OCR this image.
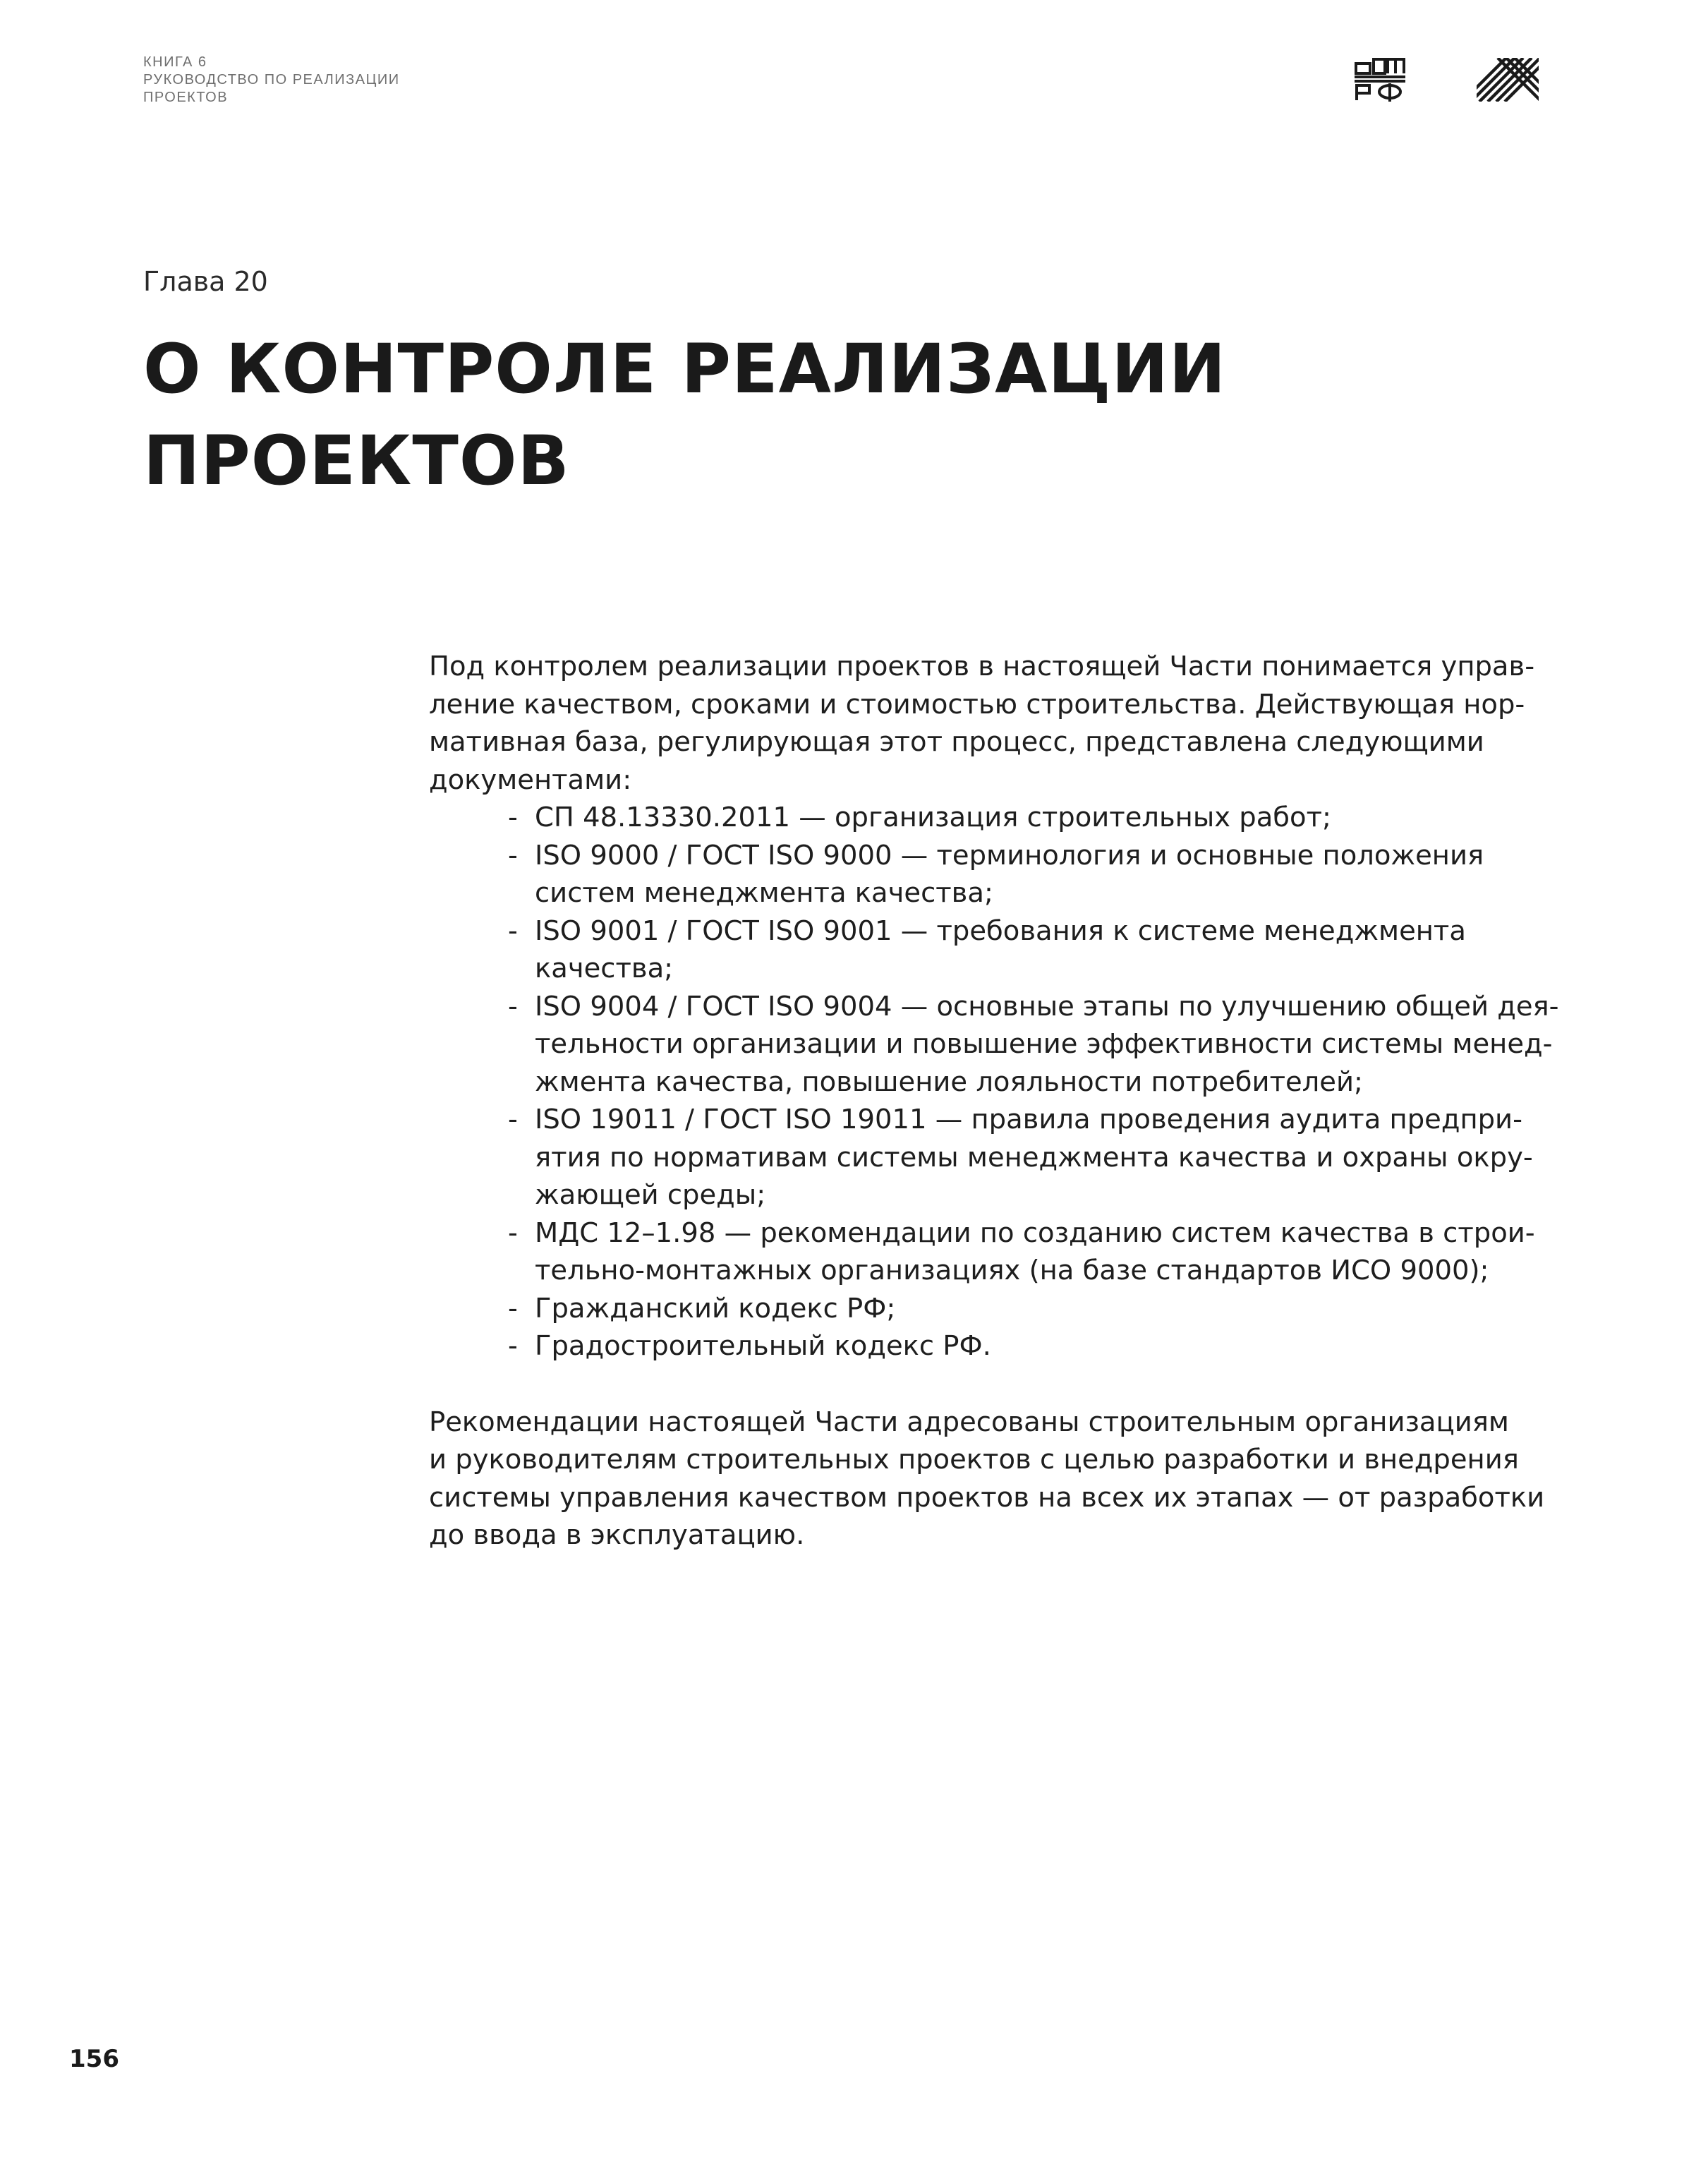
КНИГА 6
РУКОВОДСТВО ПО РЕАЛИЗАЦИИ
ПРОЕКТОВ
Глава 20
О КОНТРОЛЕ РЕАЛИЗАЦИИ
ПРОЕКТОВ
Под контролем реализации проектов в настоящей Части понимается управ-
ление качеством, сроками и стоимостью строительства. Действующая нор-
мативная база, регулирующая этот процесс, представлена следующими
документами:
- СП 48.13330.2011 — организация строительных работ;
- ISO 9000 / ГОСТ ISO 9000 — терминология и основные положения
систем менеджмента качества;
- ISO 9001 / ГОСТ ISO 9001 — требования к системе менеджмента
качества;
- ISO 9004 / ГОСТ ISO 9004 — основные этапы по улучшению общей дея-
тельности организации и повышение эффективности системы менед-
жмента качества, повышение лояльности потребителей;
- ISO 19011 / ГОСТ ISO 19011 — правила проведения аудита предпри-
ятия по нормативам системы менеджмента качества и охраны окру-
жающей среды;
- МДС 12–1.98 — рекомендации по созданию систем качества в строи-
тельно-монтажных организациях (на базе стандартов ИСО 9000);
- Гражданский кодекс РФ;
- Градостроительный кодекс РФ.
Рекомендации настоящей Части адресованы строительным организациям
и руководителям строительных проектов с целью разработки и внедрения
системы управления качеством проектов на всех их этапах — от разработки
до ввода в эксплуатацию.
156
